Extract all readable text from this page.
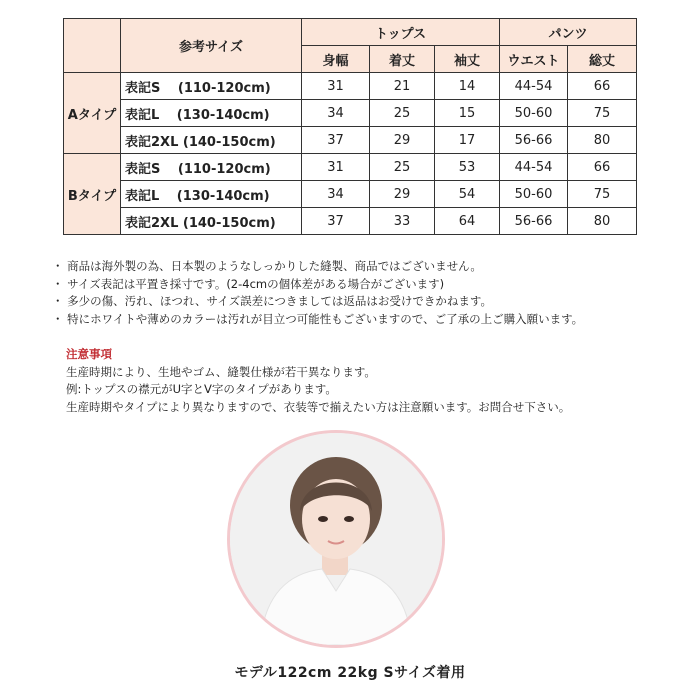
	参考サイズ	トップス			パンツ	
		身幅	着丈	袖丈	ウエスト	総丈
Aタイプ	表記S　 (110-120cm)	31	21	14	44-54	66
	表記L　 (130-140cm)	34	25	15	50-60	75
	表記2XL (140-150cm)	37	29	17	56-66	80
Bタイプ	表記S　 (110-120cm)	31	25	53	44-54	66
	表記L　 (130-140cm)	34	29	54	50-60	75
	表記2XL (140-150cm)	37	33	64	56-66	80
・ 商品は海外製の為、日本製のようなしっかりした縫製、商品ではございません。
・ サイズ表記は平置き採寸です。(2-4cmの個体差がある場合がございます)
・ 多少の傷、汚れ、ほつれ、サイズ誤差につきましては返品はお受けできかねます。
・ 特にホワイトや薄めのカラーは汚れが目立つ可能性もございますので、ご了承の上ご購入願います。
注意事項
生産時期により、生地やゴム、縫製仕様が若干異なります。
例:トップスの襟元がU字とV字のタイプがあります。
生産時期やタイプにより異なりますので、衣装等で揃えたい方は注意願います。お問合せ下さい。
モデル122cm 22kg Sサイズ着用
